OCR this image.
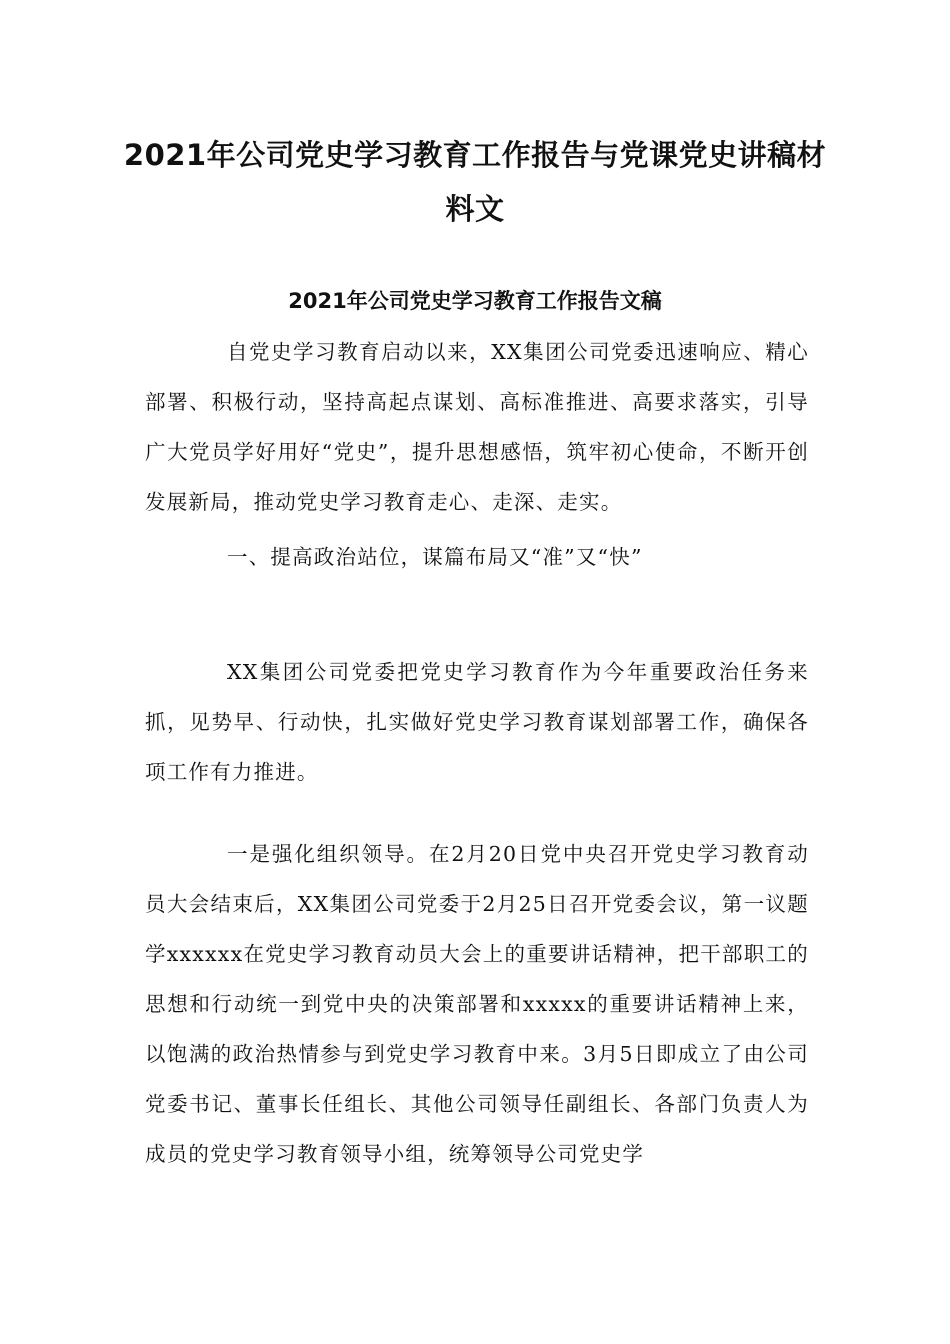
2021年公司党史学习教育工作报告与党课党史讲稿材料文
2021年公司党史学习教育工作报告文稿

自党史学习教育启动以来，XX集团公司党委迅速响应、精心部署、积极行动，坚持高起点谋划、高标准推进、高要求落实，引导广大党员学好用好“党史”，提升思想感悟，筑牢初心使命，不断开创发展新局，推动党史学习教育走心、走深、走实。

一、提高政治站位，谋篇布局又“准”又“快”

XX集团公司党委把党史学习教育作为今年重要政治任务来抓，见势早、行动快，扎实做好党史学习教育谋划部署工作，确保各项工作有力推进。

一是强化组织领导。在2月20日党中央召开党史学习教育动员大会结束后，XX集团公司党委于2月25日召开党委会议，第一议题学xxxxxx在党史学习教育动员大会上的重要讲话精神，把干部职工的思想和行动统一到党中央的决策部署和xxxxx的重要讲话精神上来，以饱满的政治热情参与到党史学习教育中来。3月5日即成立了由公司党委书记、董事长任组长、其他公司领导任副组长、各部门负责人为成员的党史学习教育领导小组，统筹领导公司党史学
